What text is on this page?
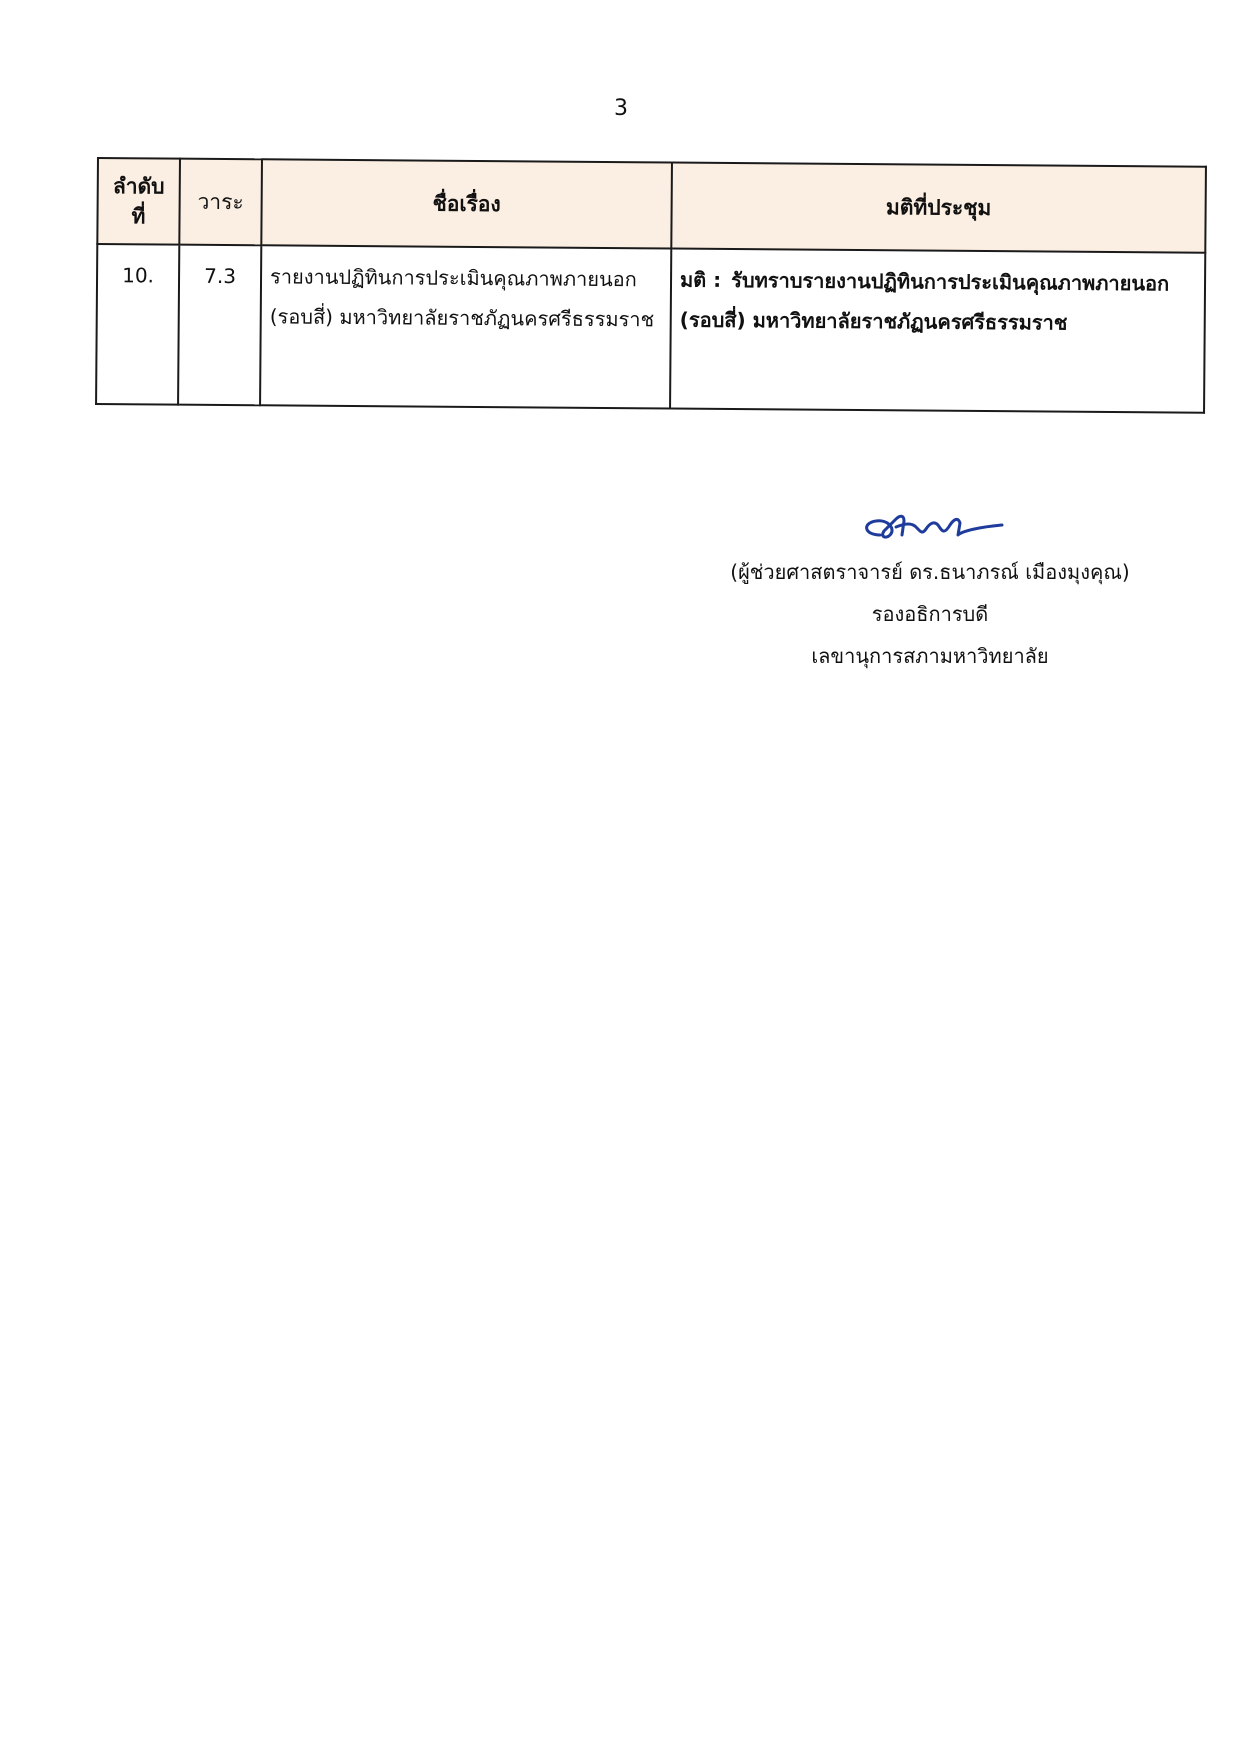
3
ลำดับ
ที่	วาระ	ชื่อเรื่อง	มติที่ประชุม
10.	7.3	รายงานปฏิทินการประเมินคุณภาพภายนอก (รอบสี่) มหาวิทยาลัยราชภัฏนครศรีธรรมราช	มติ : รับทราบรายงานปฏิทินการประเมินคุณภาพภายนอก (รอบสี่) มหาวิทยาลัยราชภัฏนครศรีธรรมราช
(ผู้ช่วยศาสตราจารย์ ดร.ธนาภรณ์ เมืองมุงคุณ)
รองอธิการบดี
เลขานุการสภามหาวิทยาลัย
